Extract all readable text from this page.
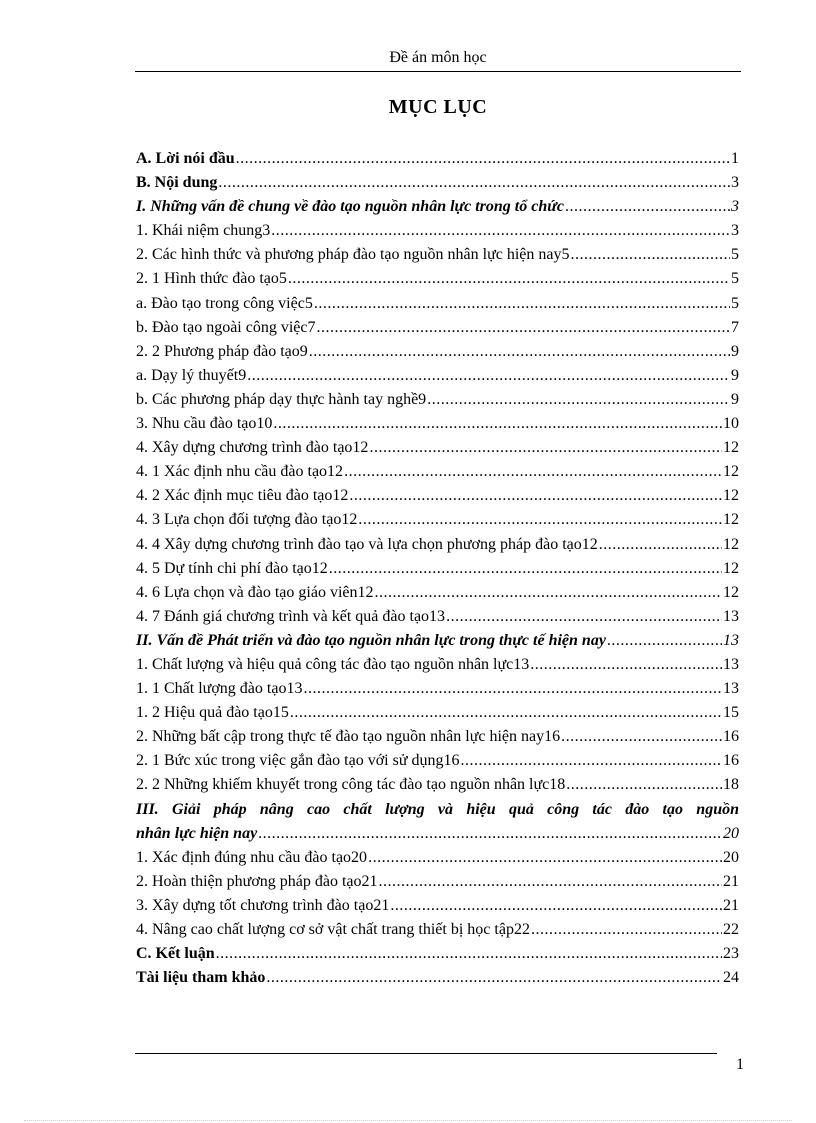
Đề án môn học
MỤC LỤC
A. Lời nói đầu .....	1
B. Nội dung .....	3
I. Những vấn đề chung về đào tạo nguồn nhân lực trong tổ chức .....	3
1. Khái niệm chung3 .....	3
2. Các hình thức và phương pháp đào tạo nguồn nhân lực hiện nay5 .....	5
2. 1 Hình thức đào tạo5 .....	5
a. Đào tạo trong công việc5 .....	5
b. Đào tạo ngoài công việc7 .....	7
2. 2 Phương pháp đào tạo9 .....	9
a. Dạy lý thuyết9 .....	9
b. Các phương pháp dạy thực hành tay nghề9 .....	9
3. Nhu cầu đào tạo10 .....	10
4. Xây dựng chương trình đào tạo12 .....	12
4. 1 Xác định nhu cầu đào tạo12 .....	12
4. 2 Xác định mục tiêu đào tạo12 .....	12
4. 3 Lựa chọn đối tượng đào tạo12 .....	12
4. 4 Xây dựng chương trình đào tạo và lựa chọn phương pháp đào tạo12 .....	12
4. 5 Dự tính chi phí đào tạo12 .....	12
4. 6 Lựa chọn và đào tạo giáo viên12 .....	12
4. 7 Đánh giá chương trình và kết quả đào tạo13 .....	13
II. Vấn đề Phát triển và đào tạo nguồn nhân lực trong thực tế hiện nay .....	13
1. Chất lượng và hiệu quả công tác đào tạo nguồn nhân lực13 .....	13
1. 1 Chất lượng đào tạo13 .....	13
1. 2 Hiệu quả đào tạo15 .....	15
2. Những bất cập trong thực tế đào tạo nguồn nhân lực hiện nay16 .....	16
2. 1 Bức xúc trong việc gắn đào tạo với sử dụng16 .....	16
2. 2 Những khiếm khuyết trong công tác đào tạo nguồn nhân lực18 .....	18
III. Giải pháp nâng cao chất lượng và hiệu quả công tác đào tạo nguồn
nhân lực hiện nay .....	20
1. Xác định đúng nhu cầu đào tạo20 .....	20
2. Hoàn thiện phương pháp đào tạo21 .....	21
3. Xây dựng tốt chương trình đào tạo21 .....	21
4. Nâng cao chất lượng cơ sở vật chất trang thiết bị học tập22 .....	22
C. Kết luận .....	23
Tài liệu tham khảo .....	24
1
